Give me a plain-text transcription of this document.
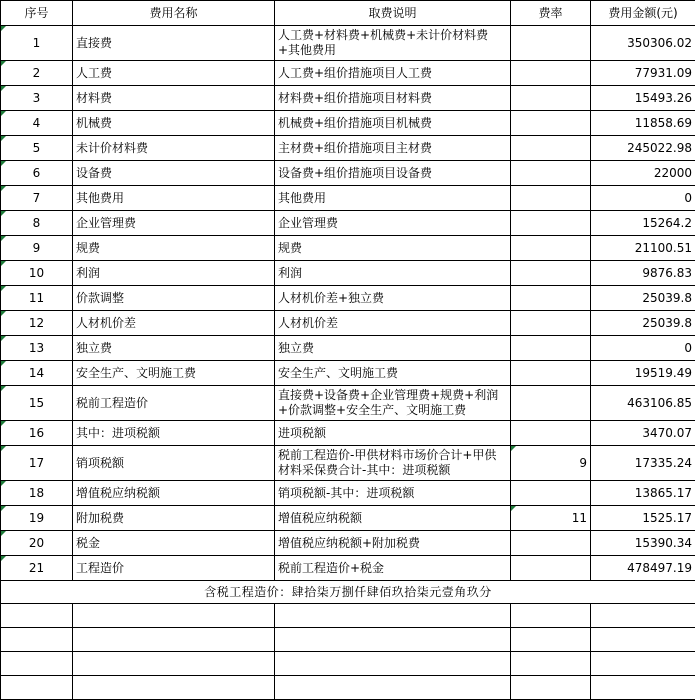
序号	费用名称	取费说明	费率	费用金额(元)
1	直接费	人工费+材料费+机械费+未计价材料费+其他费用		350306.02
2	人工费	人工费+组价措施项目人工费		77931.09
3	材料费	材料费+组价措施项目材料费		15493.26
4	机械费	机械费+组价措施项目机械费		11858.69
5	未计价材料费	主材费+组价措施项目主材费		245022.98
6	设备费	设备费+组价措施项目设备费		22000
7	其他费用	其他费用		0
8	企业管理费	企业管理费		15264.2
9	规费	规费		21100.51
10	利润	利润		9876.83
11	价款调整	人材机价差+独立费		25039.8
12	人材机价差	人材机价差		25039.8
13	独立费	独立费		0
14	安全生产、文明施工费	安全生产、文明施工费		19519.49
15	税前工程造价	直接费+设备费+企业管理费+规费+利润+价款调整+安全生产、文明施工费		463106.85
16	其中：进项税额	进项税额		3470.07
17	销项税额	税前工程造价-甲供材料市场价合计+甲供材料采保费合计-其中：进项税额	9	17335.24
18	增值税应纳税额	销项税额-其中：进项税额		13865.17
19	附加税费	增值税应纳税额	11	1525.17
20	税金	增值税应纳税额+附加税费		15390.34
21	工程造价	税前工程造价+税金		478497.19
含税工程造价：肆拾柒万捌仟肆佰玖拾柒元壹角玖分				
